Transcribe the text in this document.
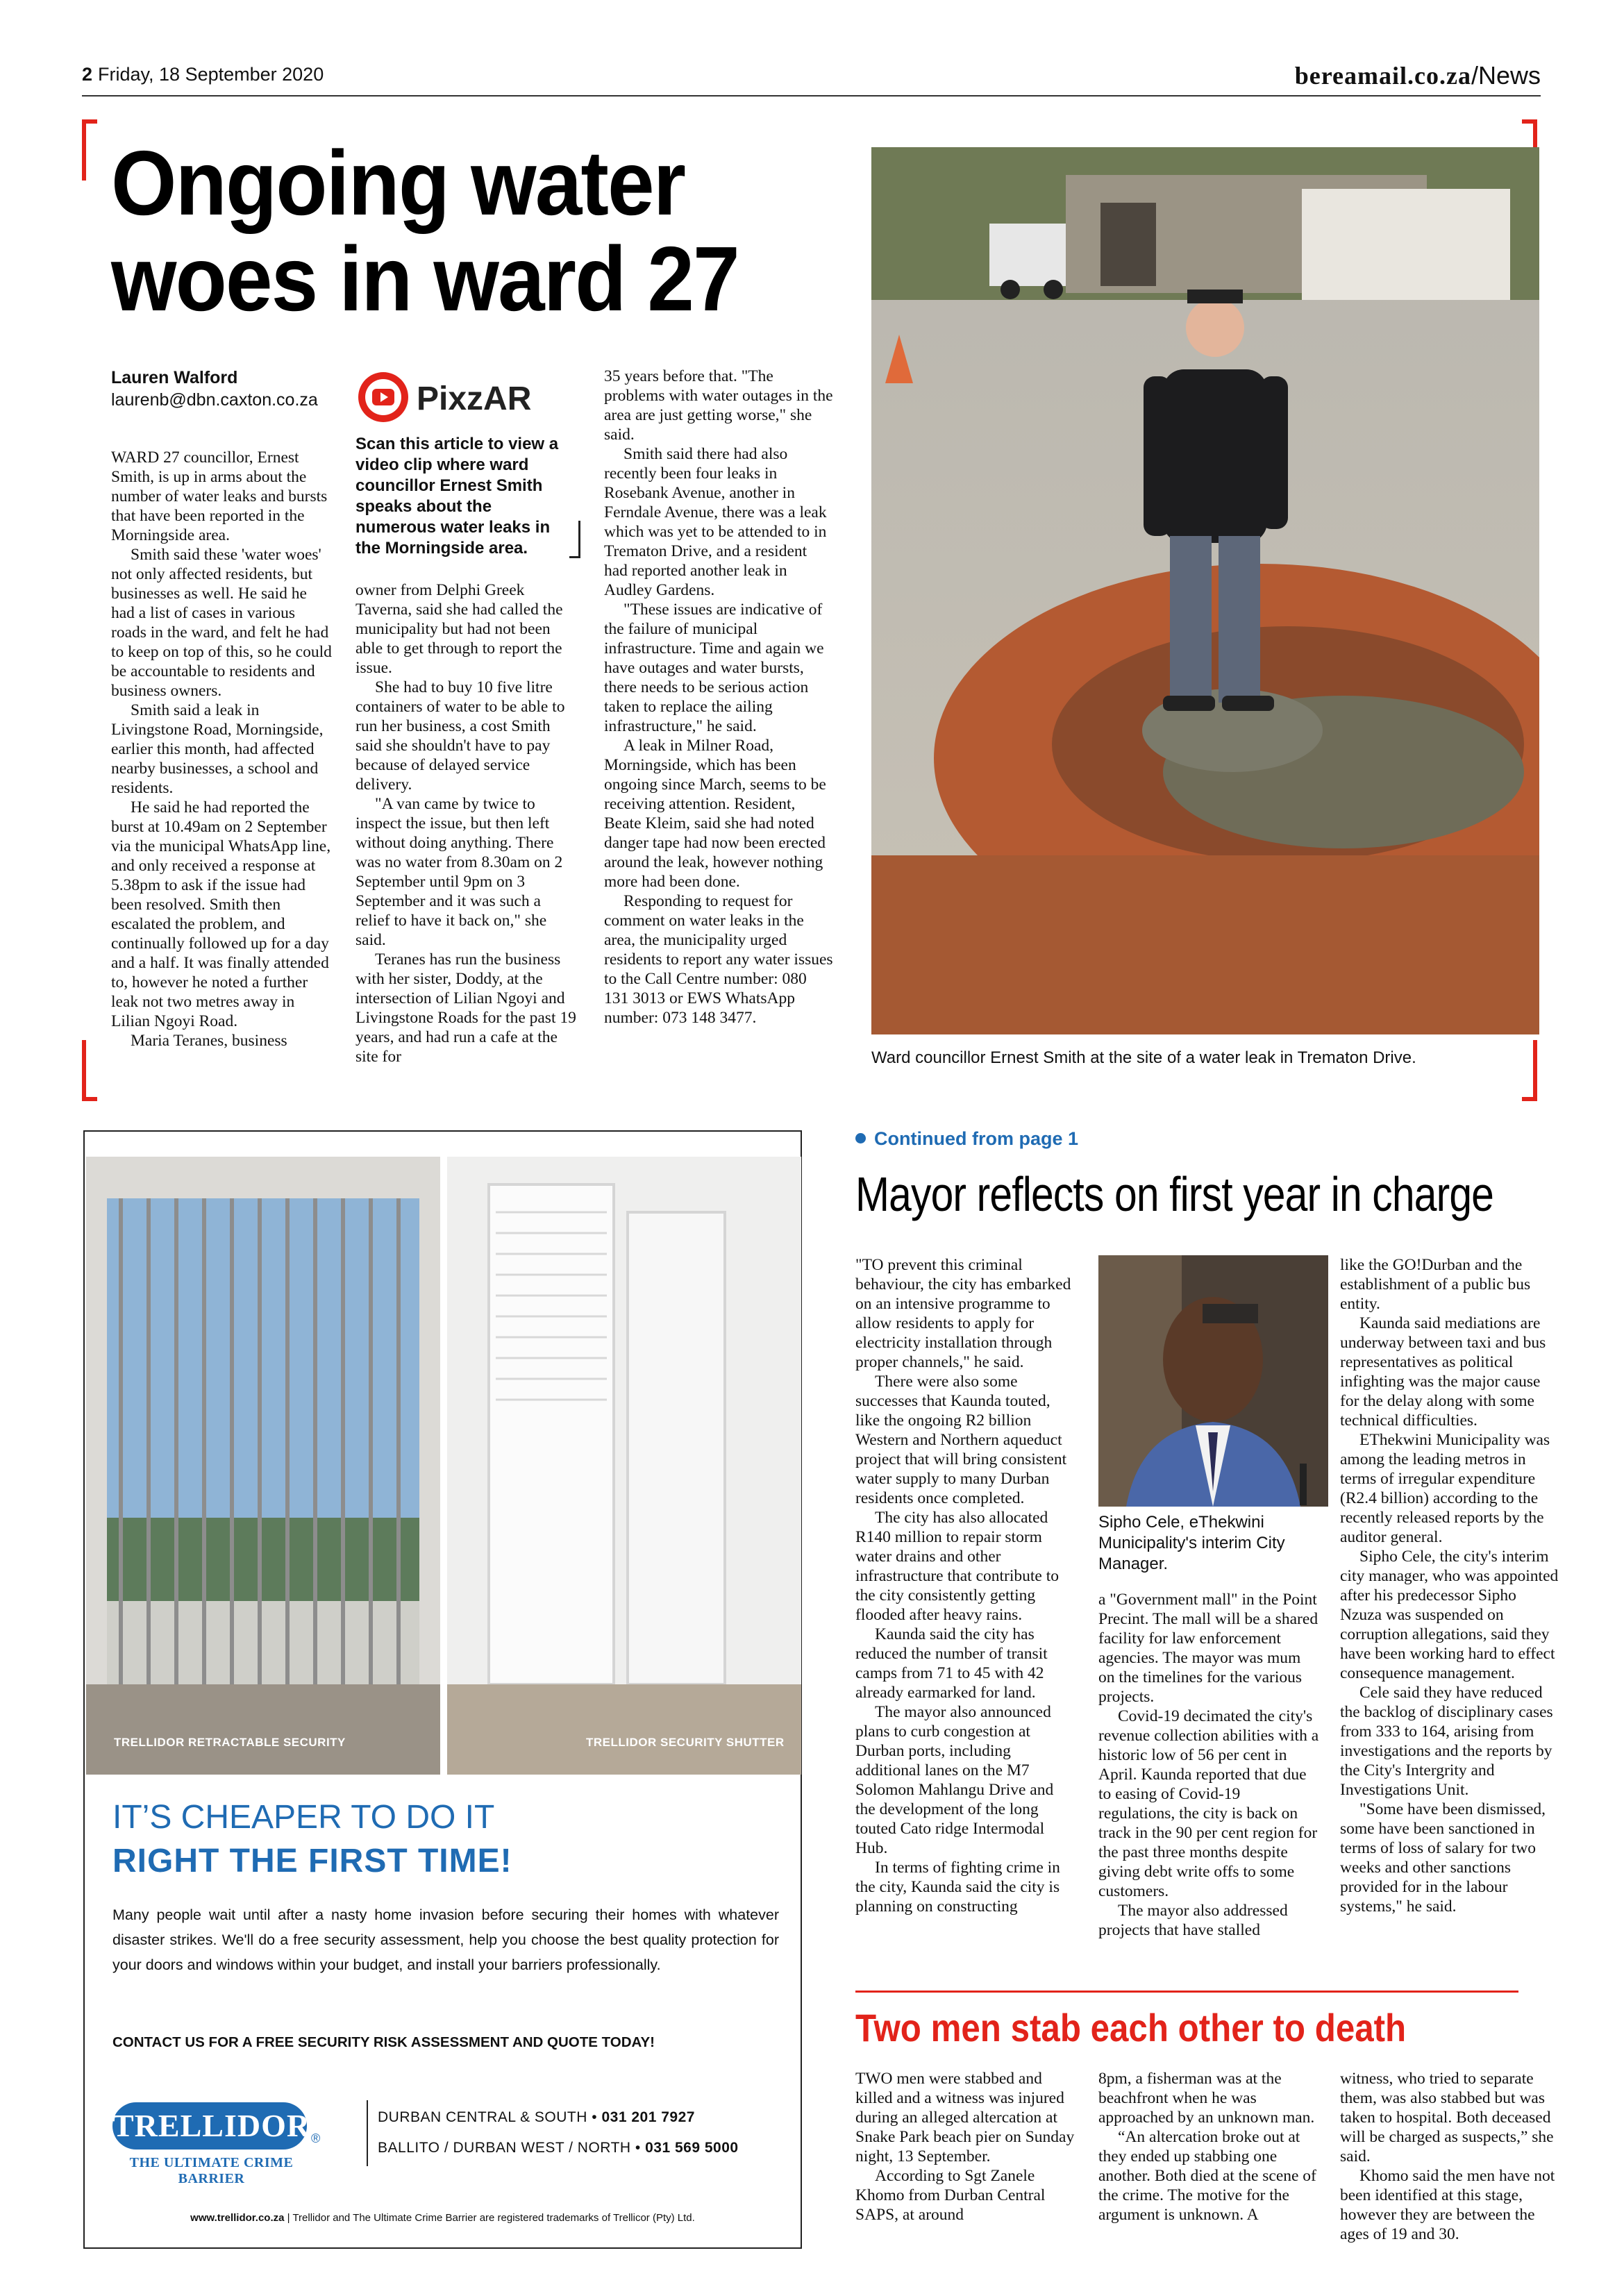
2 Friday, 18 September 2020	bereamail.co.za/News
Ongoing water
woes in ward 27
Lauren Walford
laurenb@dbn.caxton.co.za

WARD 27 councillor, Ernest Smith, is up in arms about the number of water leaks and bursts that have been reported in the Morningside area.

Smith said these 'water woes' not only affected residents, but businesses as well. He said he had a list of cases in various roads in the ward, and felt he had to keep on top of this, so he could be accountable to residents and business owners.

Smith said a leak in Livingstone Road, Morningside, earlier this month, had affected nearby businesses, a school and residents.

He said he had reported the burst at 10.49am on 2 September via the municipal WhatsApp line, and only received a response at 5.38pm to ask if the issue had been resolved. Smith then escalated the problem, and continually followed up for a day and a half. It was finally attended to, however he noted a further leak not two metres away in Lilian Ngoyi Road.

Maria Teranes, business

PixzAR
Scan this article to view a video clip where ward councillor Ernest Smith speaks about the numerous water leaks in the Morningside area.

owner from Delphi Greek Taverna, said she had called the municipality but had not been able to get through to report the issue.

She had to buy 10 five litre containers of water to be able to run her business, a cost Smith said she shouldn't have to pay because of delayed service delivery.

"A van came by twice to inspect the issue, but then left without doing anything. There was no water from 8.30am on 2 September until 9pm on 3 September and it was such a relief to have it back on," she said.

Teranes has run the business with her sister, Doddy, at the intersection of Lilian Ngoyi and Livingstone Roads for the past 19 years, and had run a cafe at the site for

35 years before that. "The problems with water outages in the area are just getting worse," she said.

Smith said there had also recently been four leaks in Rosebank Avenue, another in Ferndale Avenue, there was a leak which was yet to be attended to in Trematon Drive, and a resident had reported another leak in Audley Gardens.

"These issues are indicative of the failure of municipal infrastructure. Time and again we have outages and water bursts, there needs to be serious action taken to replace the ailing infrastructure," he said.

A leak in Milner Road, Morningside, which has been ongoing since March, seems to be receiving attention. Resident, Beate Kleim, said she had noted danger tape had now been erected around the leak, however nothing more had been done.

Responding to request for comment on water leaks in the area, the municipality urged residents to report any water issues to the Call Centre number: 080 131 3013 or EWS WhatsApp number: 073 148 3477.

Ward councillor Ernest Smith at the site of a water leak in Trematon Drive.
TRELLIDOR RETRACTABLE SECURITY	TRELLIDOR SECURITY SHUTTER
IT’S CHEAPER TO DO IT
RIGHT THE FIRST TIME!
Many people wait until after a nasty home invasion before securing their homes with whatever disaster strikes. We'll do a free security assessment, help you choose the best quality protection for your doors and windows within your budget, and install your barriers professionally.
CONTACT US FOR A FREE SECURITY RISK ASSESSMENT AND QUOTE TODAY!
TRELLIDOR ®
THE ULTIMATE CRIME BARRIER
DURBAN CENTRAL & SOUTH • 031 201 7927
BALLITO / DURBAN WEST / NORTH • 031 569 5000
www.trellidor.co.za | Trellidor and The Ultimate Crime Barrier are registered trademarks of Trellicor (Pty) Ltd.
Continued from page 1
Mayor reflects on first year in charge

"TO prevent this criminal behaviour, the city has embarked on an intensive programme to allow residents to apply for electricity installation through proper channels," he said.

There were also some successes that Kaunda touted, like the ongoing R2 billion Western and Northern aqueduct project that will bring consistent water supply to many Durban residents once completed.

The city has also allocated R140 million to repair storm water drains and other infrastructure that contribute to the city consistently getting flooded after heavy rains.

Kaunda said the city has reduced the number of transit camps from 71 to 45 with 42 already earmarked for land.

The mayor also announced plans to curb congestion at Durban ports, including additional lanes on the M7 Solomon Mahlangu Drive and the development of the long touted Cato ridge Intermodal Hub.

In terms of fighting crime in the city, Kaunda said the city is planning on constructing

Sipho Cele, eThekwini Municipality's interim City Manager.

a "Government mall" in the Point Precint. The mall will be a shared facility for law enforcement agencies. The mayor was mum on the timelines for the various projects.

Covid-19 decimated the city's revenue collection abilities with a historic low of 56 per cent in April. Kaunda reported that due to easing of Covid-19 regulations, the city is back on track in the 90 per cent region for the past three months despite giving debt write offs to some customers.

The mayor also addressed projects that have stalled

like the GO!Durban and the establishment of a public bus entity.

Kaunda said mediations are underway between taxi and bus representatives as political infighting was the major cause for the delay along with some technical difficulties.

EThekwini Municipality was among the leading metros in terms of irregular expenditure (R2.4 billion) according to the recently released reports by the auditor general.

Sipho Cele, the city's interim city manager, who was appointed after his predecessor Sipho Nzuza was suspended on corruption allegations, said they have been working hard to effect consequence management.

Cele said they have reduced the backlog of disciplinary cases from 333 to 164, arising from investigations and the reports by the City's Intergrity and Investigations Unit.

"Some have been dismissed, some have been sanctioned in terms of loss of salary for two weeks and other sanctions provided for in the labour systems," he said.

Two men stab each other to death

TWO men were stabbed and killed and a witness was injured during an alleged altercation at Snake Park beach pier on Sunday night, 13 September.

According to Sgt Zanele Khomo from Durban Central SAPS, at around

8pm, a fisherman was at the beachfront when he was approached by an unknown man.

“An altercation broke out at they ended up stabbing one another. Both died at the scene of the crime. The motive for the argument is unknown. A

witness, who tried to separate them, was also stabbed but was taken to hospital. Both deceased will be charged as suspects,” she said.

Khomo said the men have not been identified at this stage, however they are between the ages of 19 and 30.
